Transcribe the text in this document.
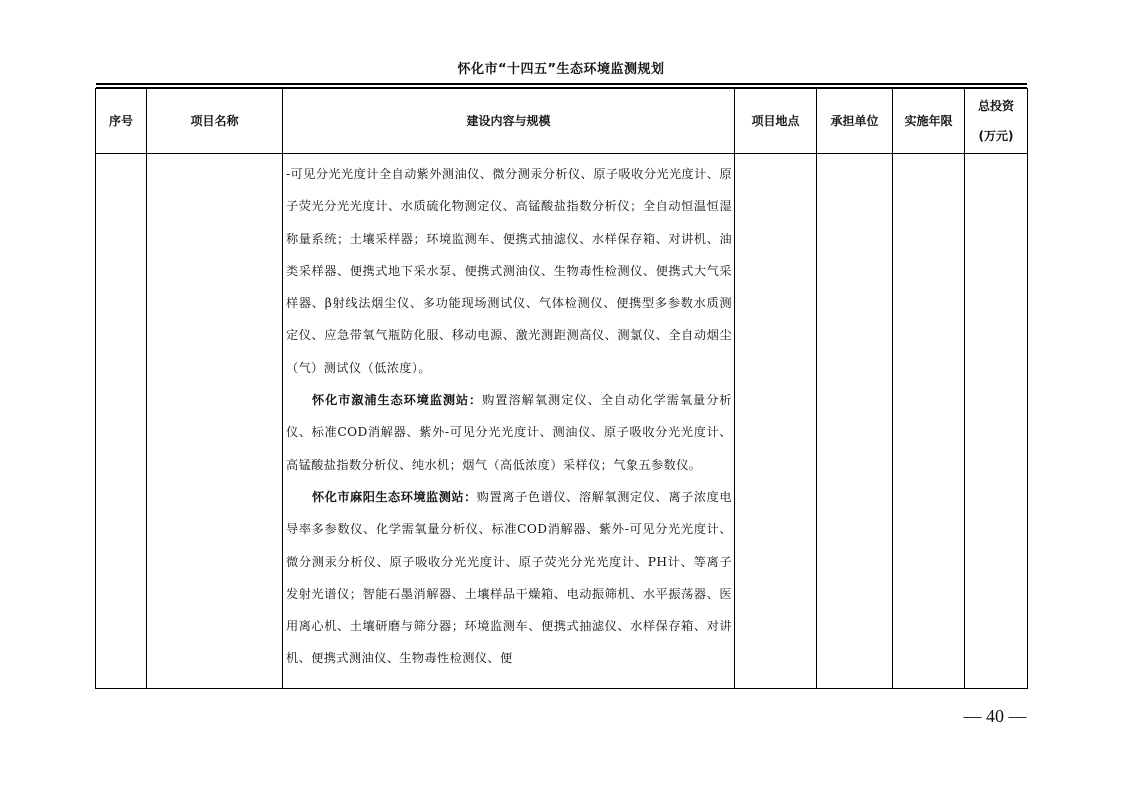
怀化市“十四五”生态环境监测规划
序号	项目名称	建设内容与规模	项目地点	承担单位	实施年限	总投资
(万元)

		-可见分光光度计全自动紫外测油仪、微分测汞分析仪、原子吸收分光光度计、原子荧光分光光度计、水质硫化物测定仪、高锰酸盐指数分析仪；全自动恒温恒湿称量系统；土壤采样器；环境监测车、便携式抽滤仪、水样保存箱、对讲机、油类采样器、便携式地下采水泵、便携式测油仪、生物毒性检测仪、便携式大气采样器、β射线法烟尘仪、多功能现场测试仪、气体检测仪、便携型多参数水质测定仪、应急带氧气瓶防化服、移动电源、激光测距测高仪、测氯仪、全自动烟尘（气）测试仪（低浓度）。

怀化市溆浦生态环境监测站：购置溶解氧测定仪、全自动化学需氧量分析仪、标准COD消解器、紫外-可见分光光度计、测油仪、原子吸收分光光度计、高锰酸盐指数分析仪、纯水机；烟气（高低浓度）采样仪；气象五参数仪。

怀化市麻阳生态环境监测站：购置离子色谱仪、溶解氧测定仪、离子浓度电导率多参数仪、化学需氧量分析仪、标准COD消解器、紫外-可见分光光度计、微分测汞分析仪、原子吸收分光光度计、原子荧光分光光度计、PH计、等离子发射光谱仪；智能石墨消解器、土壤样品干燥箱、电动振筛机、水平振荡器、医用离心机、土壤研磨与筛分器；环境监测车、便携式抽滤仪、水样保存箱、对讲机、便携式测油仪、生物毒性检测仪、便				

— 40 —
